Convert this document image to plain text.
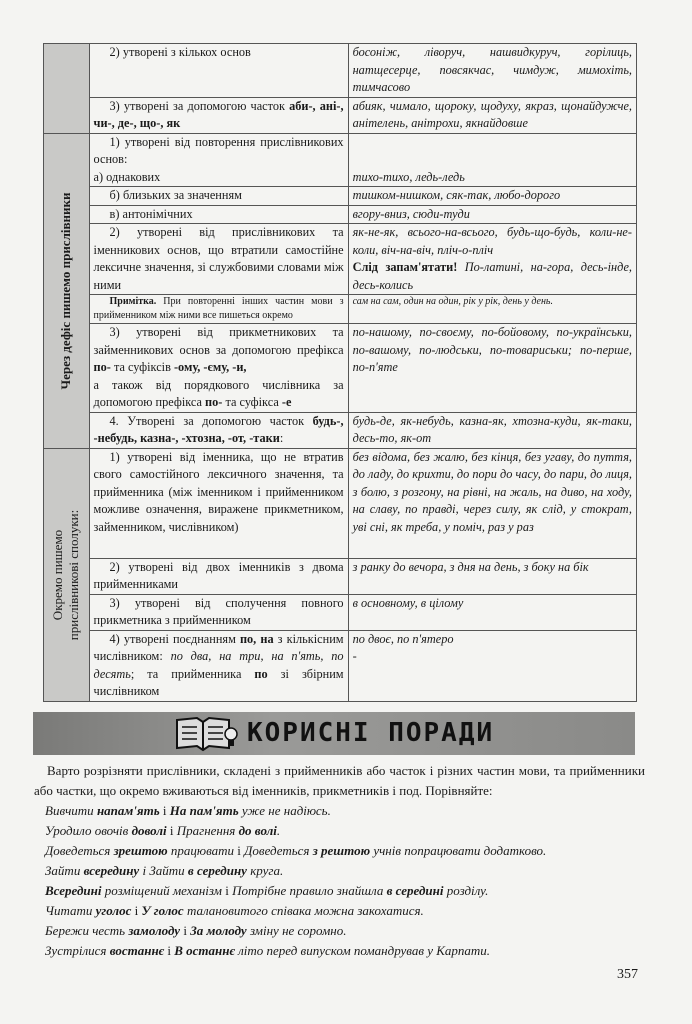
	2) утворені з кількох основ	босоніж, ліворуч, нашвидкуруч, горілиць, натщесерце, повсякчас, чимдуж, мимохіть, тимчасово
	3) утворені за допомогою часток аби-, ані-, чи-, де-, що-, як	абияк, чимало, щороку, щодуху, якраз, щонайдужче, анітелень, анітрохи, якнайдовше

Через дефіс пишемо прислівники	1) утворені від повторення прислівникових основ:
а) однакових	тихо-тихо, ледь-ледь
	б) близьких за значенням	тишком-нишком, сяк-так, любо-дорого
	в) антонімічних	вгору-вниз, сюди-туди
	2) утворені від прислівникових та іменникових основ, що втратили самостійне лексичне значення, зі службовими словами між ними	як-не-як, всього-на-всього, будь-що-будь, коли-не-коли, віч-на-віч, пліч-о-пліч
Слід запам'ятати! По-латині, на-гора, десь-інде, десь-колись
	Примітка. При повторенні інших частин мови з прийменником між ними все пишеться окремо	сам на сам, один на один, рік у рік, день у день.
	3) утворені від прикметникових та займенникових основ за допомогою префікса по- та суфіксів -ому, -єму, -и,
а також від порядкового числівника за допомогою префікса по- та суфікса -е	по-нашому, по-своєму, по-бойовому, по-українськи, по-вашому, по-людськи, по-товариськи; по-перше, по-п'яте
	4. Утворені за допомогою часток будь-, -небудь, казна-, -хтозна, -от, -таки:	будь-де, як-небудь, казна-як, хтозна-куди, як-таки, десь-то, як-от

Окремо пишемо
прислівникові сполуки:	1) утворені від іменника, що не втратив свого самостійного лексичного значення, та прийменника (між іменником і прийменником можливе означення, виражене прикметником, займенником, числівником)	без відома, без жалю, без кінця, без угаву, до пуття, до ладу, до крихти, до пори до часу, до пари, до лиця, з болю, з розгону, на рівні, на жаль, на диво, на ходу, на славу, по правді, через силу, як слід, у стократ, уві сні, як треба, у поміч, раз у раз
	2) утворені від двох іменників з двома прийменниками	з ранку до вечора, з дня на день, з боку на бік
	3) утворені від сполучення повного прикметника з прийменником	в основному, в цілому
	4) утворені поєднанням по, на з кількісним числівником: по два, на три, на п'ять, по десять; та прийменника по зі збірним числівником	по двоє, по п'ятеро
-
КОРИСНІ ПОРАДИ

Варто розрізняти прислівники, складені з прийменників або часток і різних частин мови, та прийменники або частки, що окремо вживаються від іменників, прикметників і под. Порівняйте:

Вивчити напам'ять і На пам'ять уже не надіюсь.

Уродило овочів доволі і Прагнення до волі.

Доведеться зрештою працювати і Доведеться з рештою учнів попрацювати додатково.

Зайти всередину і Зайти в середину круга.

Всередині розміщений механізм і Потрібне правило знайшла в середині розділу.

Читати уголос і У голос талановитого співака можна закохатися.

Бережи честь замолоду і За молоду зміну не соромно.

Зустрілися востаннє і В останнє літо перед випуском помандрував у Карпати.

357
